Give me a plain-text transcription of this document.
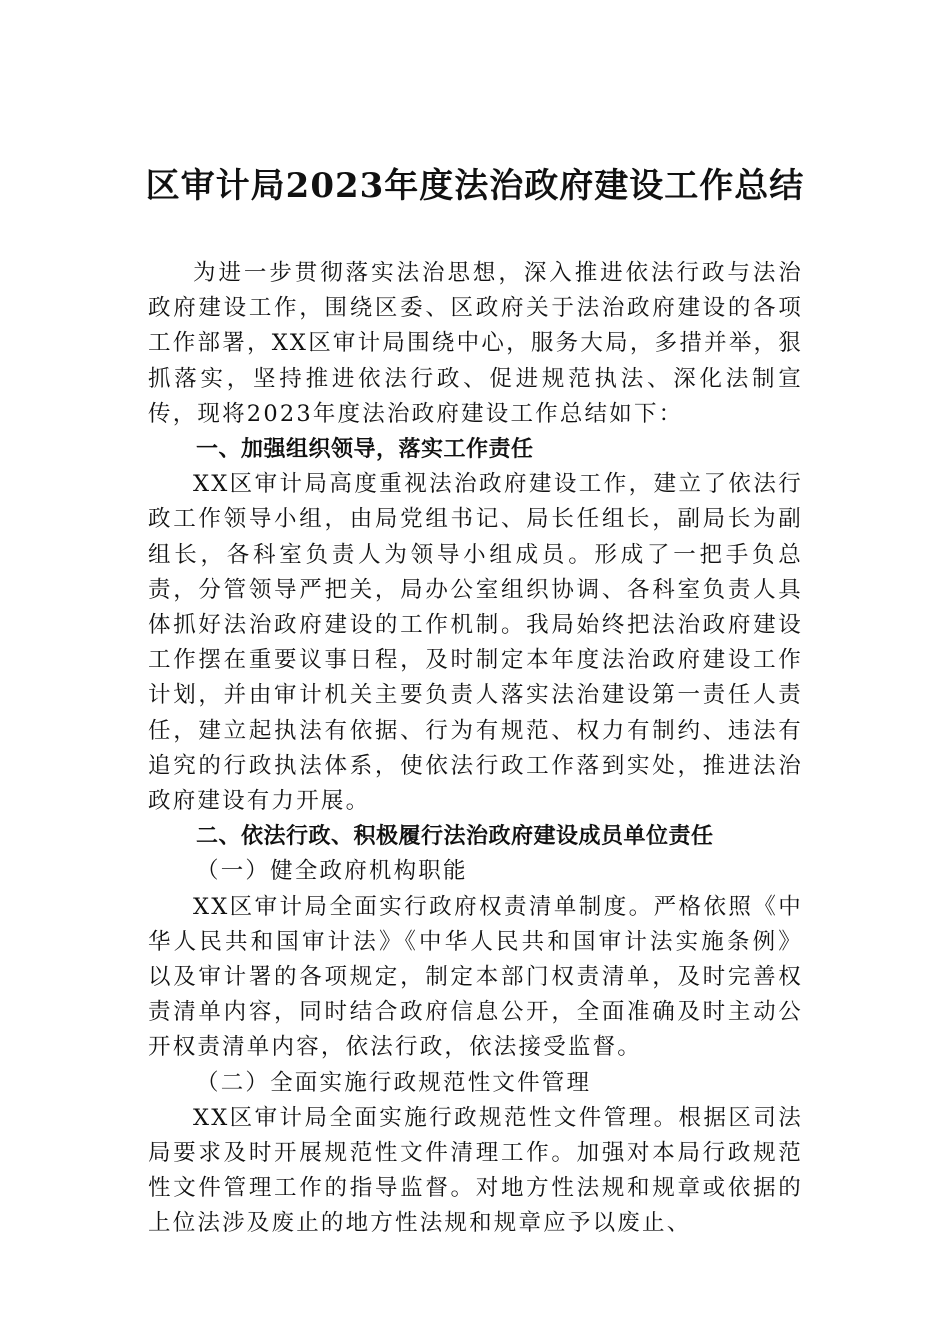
区审计局2023年度法治政府建设工作总结

为进一步贯彻落实法治思想，深入推进依法行政与法治政府建设工作，围绕区委、区政府关于法治政府建设的各项工作部署，XX区审计局围绕中心，服务大局，多措并举，狠抓落实，坚持推进依法行政、促进规范执法、深化法制宣传，现将2023年度法治政府建设工作总结如下：

一、加强组织领导，落实工作责任

XX区审计局高度重视法治政府建设工作，建立了依法行政工作领导小组，由局党组书记、局长任组长，副局长为副组长，各科室负责人为领导小组成员。形成了一把手负总责，分管领导严把关，局办公室组织协调、各科室负责人具体抓好法治政府建设的工作机制。我局始终把法治政府建设工作摆在重要议事日程，及时制定本年度法治政府建设工作计划，并由审计机关主要负责人落实法治建设第一责任人责任，建立起执法有依据、行为有规范、权力有制约、违法有追究的行政执法体系，使依法行政工作落到实处，推进法治政府建设有力开展。

二、依法行政、积极履行法治政府建设成员单位责任

（一）健全政府机构职能

XX区审计局全面实行政府权责清单制度。严格依照《中华人民共和国审计法》《中华人民共和国审计法实施条例》以及审计署的各项规定，制定本部门权责清单，及时完善权责清单内容，同时结合政府信息公开，全面准确及时主动公开权责清单内容，依法行政，依法接受监督。

（二）全面实施行政规范性文件管理

XX区审计局全面实施行政规范性文件管理。根据区司法局要求及时开展规范性文件清理工作。加强对本局行政规范性文件管理工作的指导监督。对地方性法规和规章或依据的上位法涉及废止的地方性法规和规章应予以废止、
